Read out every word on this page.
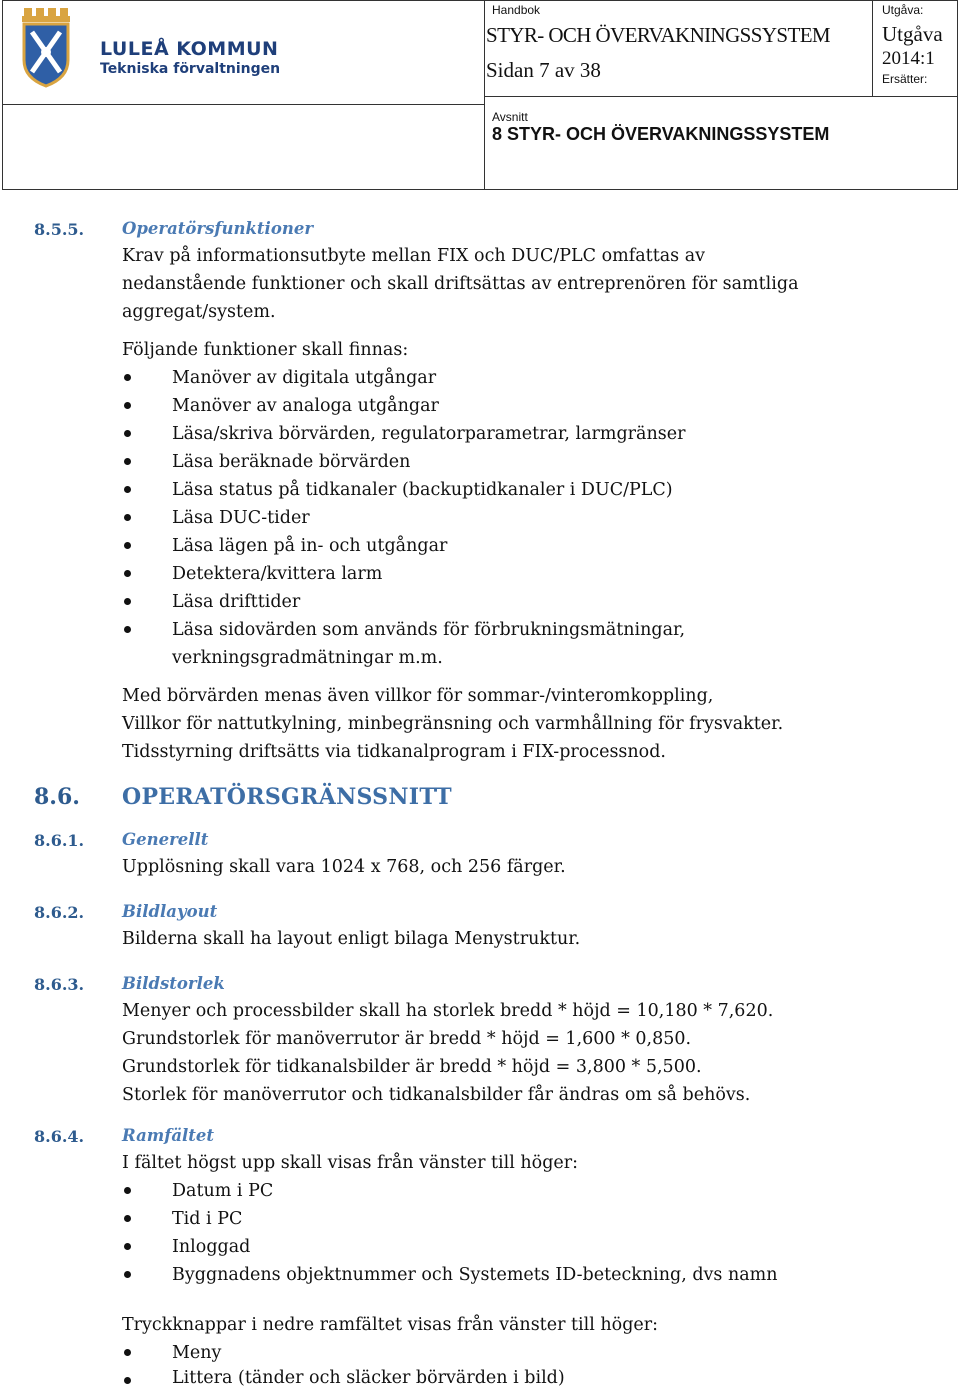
LULEÅ KOMMUN
Tekniska förvaltningen
Handbok
STYR- OCH ÖVERVAKNINGSSYSTEM
Sidan 7 av 38
Utgåva:
Utgåva
2014:1
Ersätter:
Avsnitt
8 STYR- OCH ÖVERVAKNINGSSYSTEM
8.5.5. Operatörsfunktioner
Krav på informationsutbyte mellan FIX och DUC/PLC omfattas av
nedanstående funktioner och skall driftsättas av entreprenören för samtliga
aggregat/system.
Följande funktioner skall finnas:
Manöver av digitala utgångar
Manöver av analoga utgångar
Läsa/skriva börvärden, regulatorparametrar, larmgränser
Läsa beräknade börvärden
Läsa status på tidkanaler (backuptidkanaler i DUC/PLC)
Läsa DUC-tider
Läsa lägen på in- och utgångar
Detektera/kvittera larm
Läsa drifttider
Läsa sidovärden som används för förbrukningsmätningar,
verkningsgradmätningar m.m.
Med börvärden menas även villkor för sommar-/vinteromkoppling,
Villkor för nattutkylning, minbegränsning och varmhållning för frysvakter.
Tidsstyrning driftsätts via tidkanalprogram i FIX-processnod.
8.6. OPERATÖRSGRÄNSSNITT
8.6.1. Generellt
Upplösning skall vara 1024 x 768, och 256 färger.
8.6.2. Bildlayout
Bilderna skall ha layout enligt bilaga Menystruktur.
8.6.3. Bildstorlek
Menyer och processbilder skall ha storlek bredd * höjd = 10,180 * 7,620.
Grundstorlek för manöverrutor är bredd * höjd = 1,600 * 0,850.
Grundstorlek för tidkanalsbilder är bredd * höjd = 3,800 * 5,500.
Storlek för manöverrutor och tidkanalsbilder får ändras om så behövs.
8.6.4. Ramfältet
I fältet högst upp skall visas från vänster till höger:
Datum i PC
Tid i PC
Inloggad
Byggnadens objektnummer och Systemets ID-beteckning, dvs namn
Tryckknappar i nedre ramfältet visas från vänster till höger:
Meny
Littera (tänder och släcker börvärden i bild)
